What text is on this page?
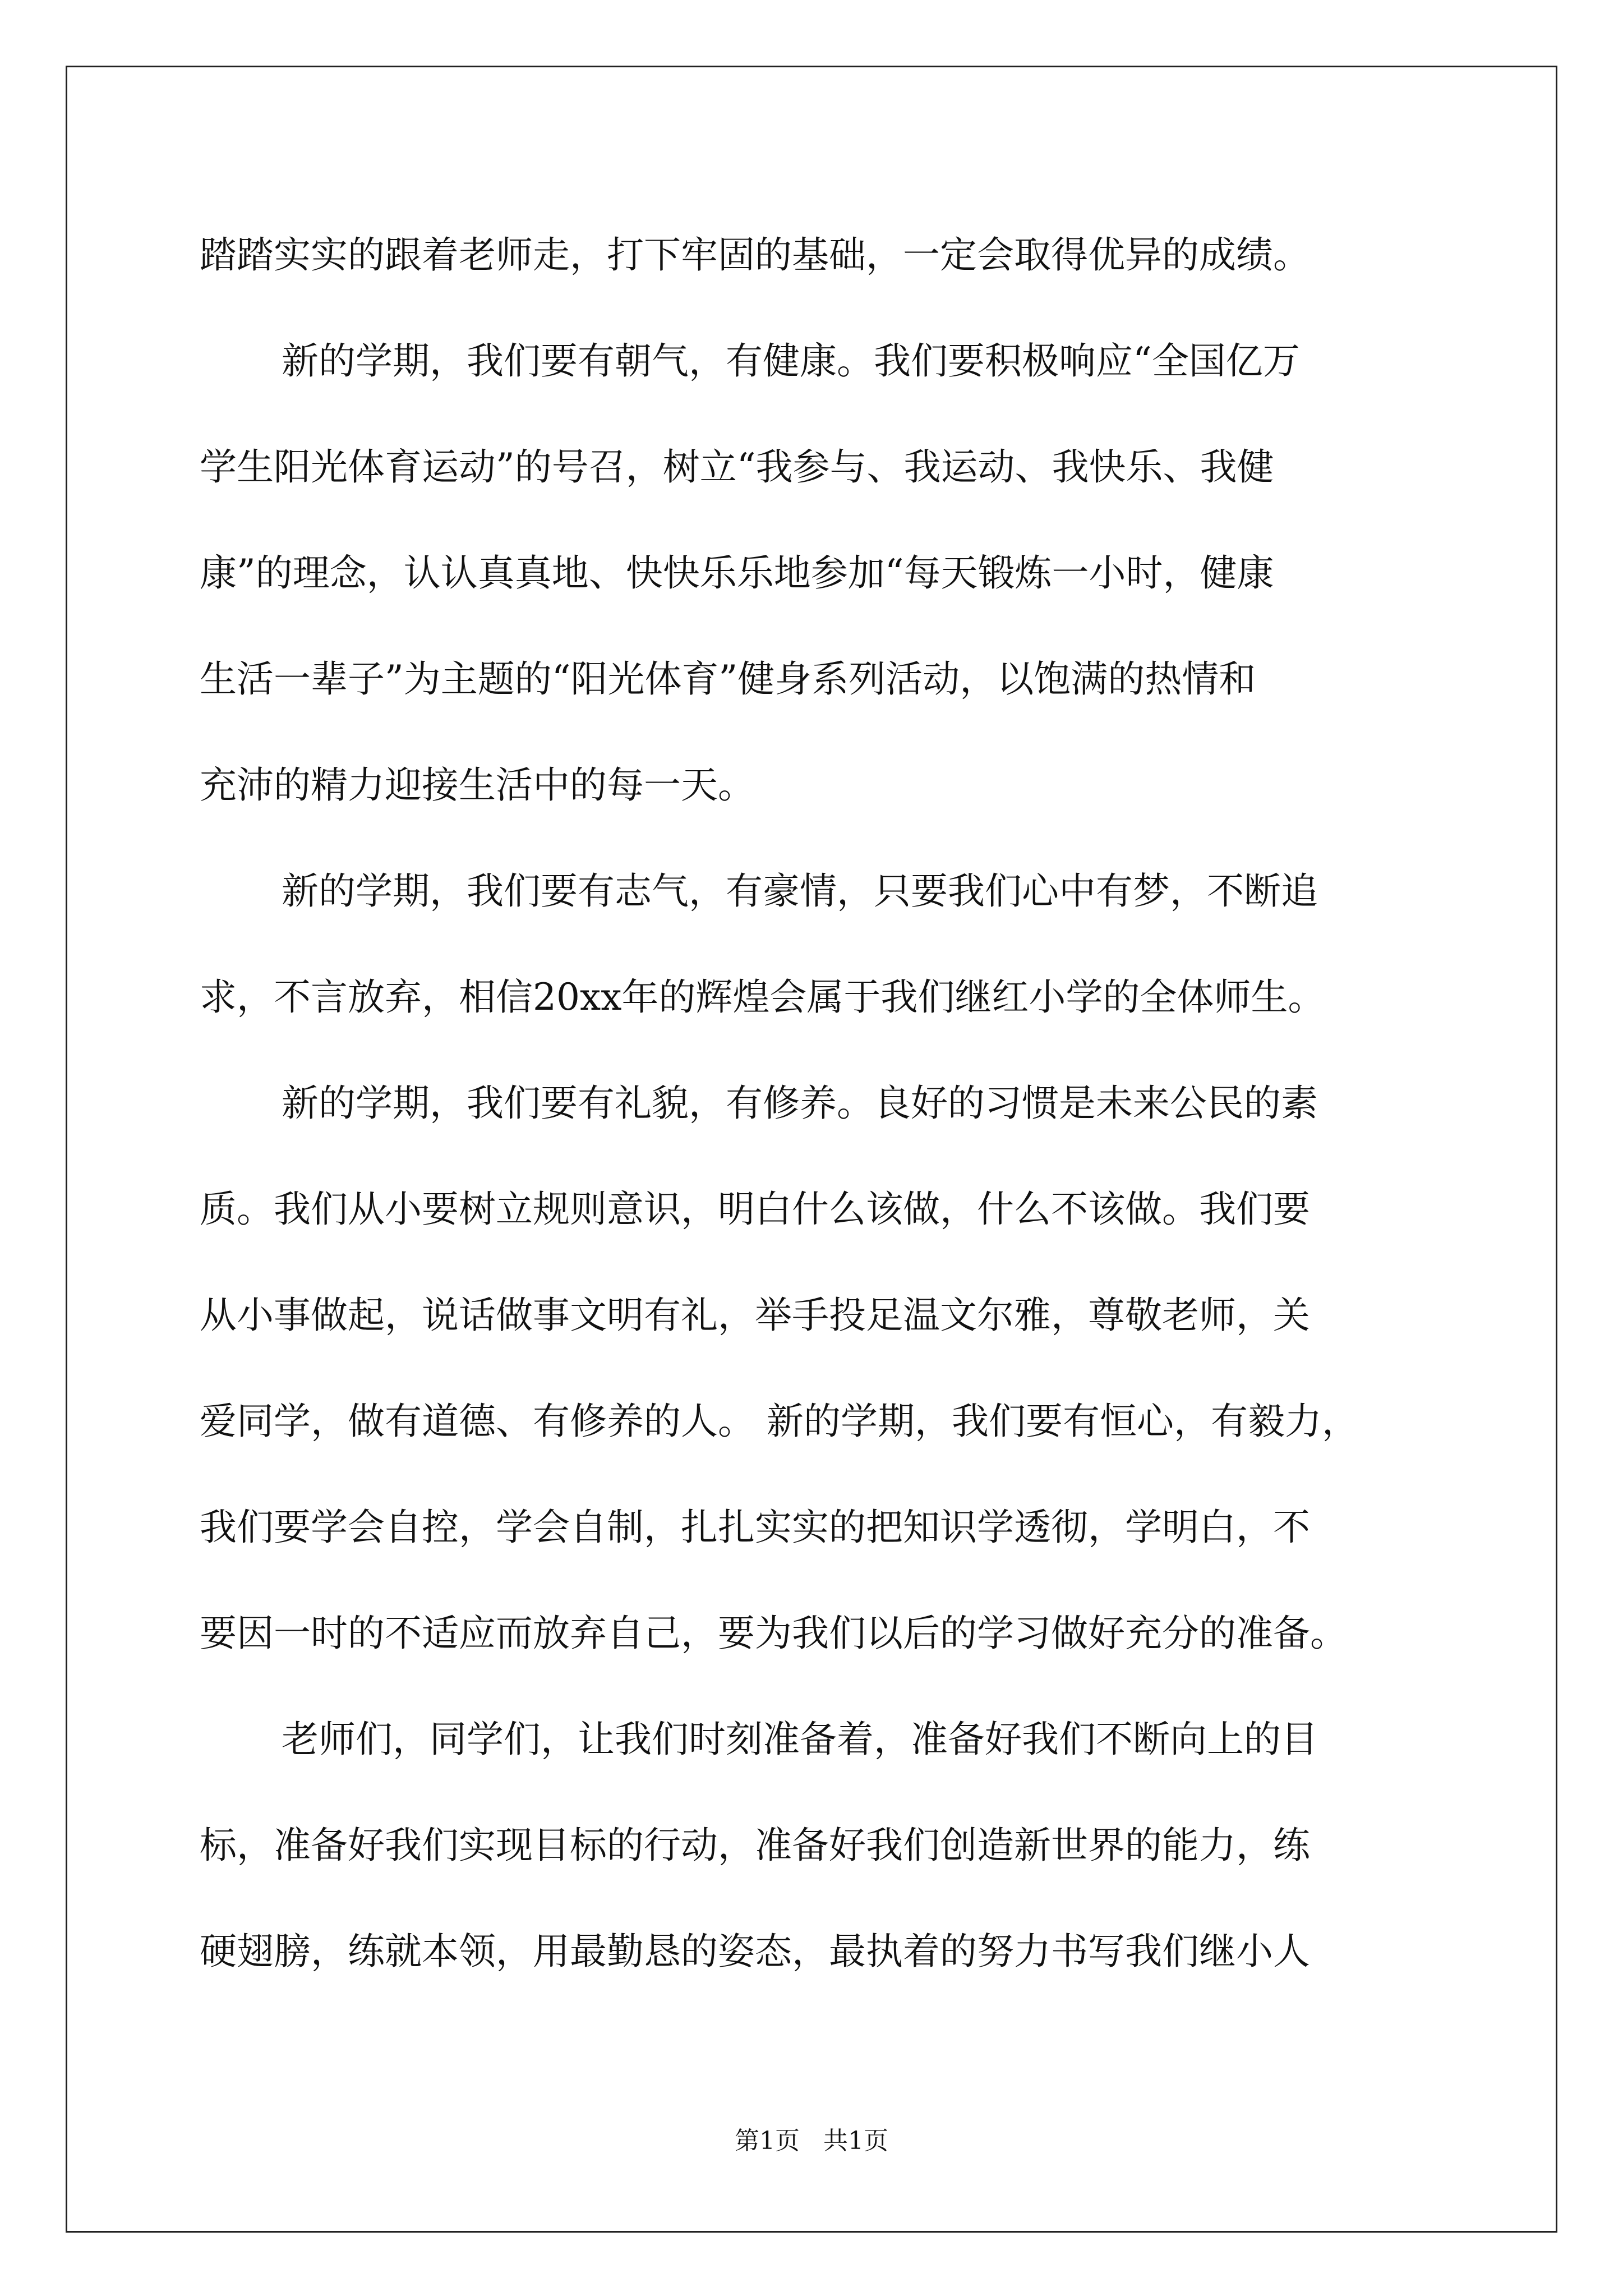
踏踏实实的跟着老师走，打下牢固的基础，一定会取得优异的成绩。
新的学期，我们要有朝气，有健康。我们要积极响应“全国亿万
学生阳光体育运动”的号召，树立“我参与、我运动、我快乐、我健
康”的理念，认认真真地、快快乐乐地参加“每天锻炼一小时，健康
生活一辈子”为主题的“阳光体育”健身系列活动，以饱满的热情和
充沛的精力迎接生活中的每一天。
新的学期，我们要有志气，有豪情，只要我们心中有梦，不断追
求，不言放弃，相信20xx年的辉煌会属于我们继红小学的全体师生。
新的学期，我们要有礼貌，有修养。良好的习惯是未来公民的素
质。我们从小要树立规则意识，明白什么该做，什么不该做。我们要
从小事做起，说话做事文明有礼，举手投足温文尔雅，尊敬老师，关
爱同学，做有道德、有修养的人。 新的学期，我们要有恒心，有毅力，
我们要学会自控，学会自制，扎扎实实的把知识学透彻，学明白，不
要因一时的不适应而放弃自己，要为我们以后的学习做好充分的准备。
老师们，同学们，让我们时刻准备着，准备好我们不断向上的目
标，准备好我们实现目标的行动，准备好我们创造新世界的能力，练
硬翅膀，练就本领，用最勤恳的姿态，最执着的努力书写我们继小人
第1页   共1页
